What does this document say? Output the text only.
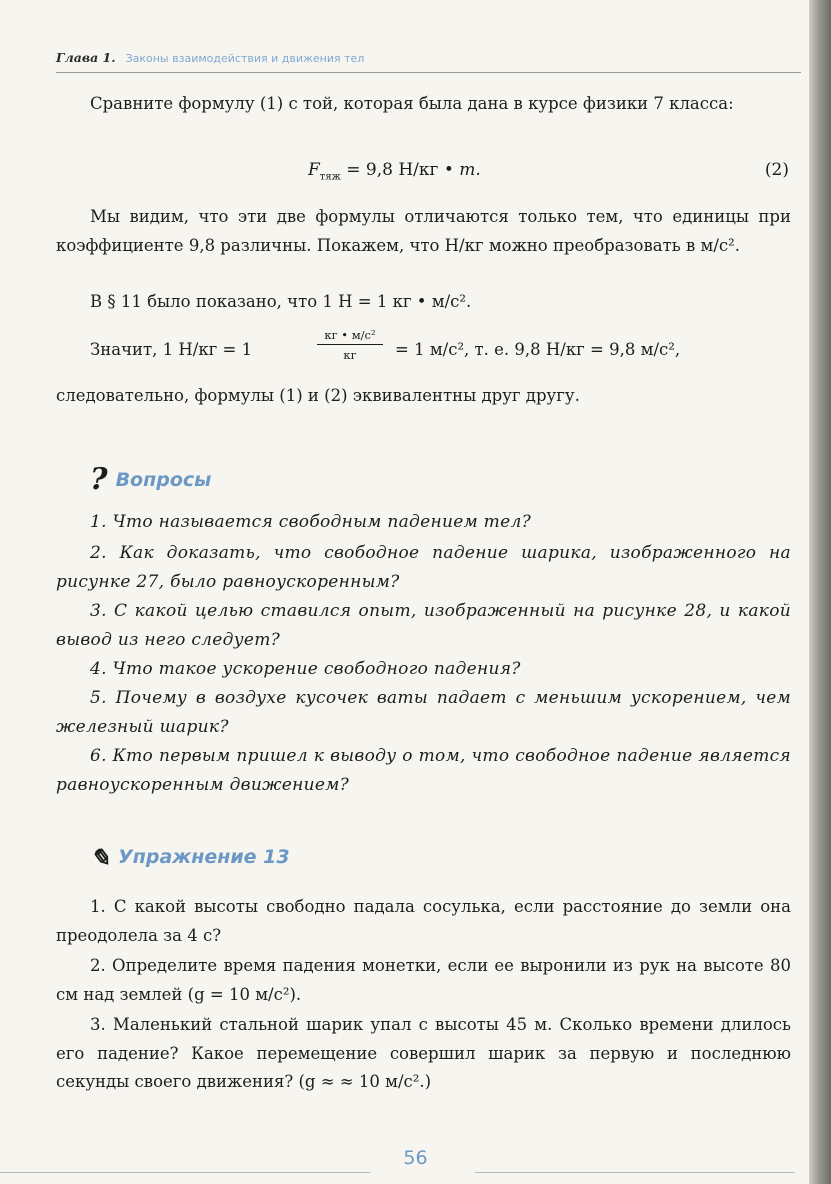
Глава 1. Законы взаимодействия и движения тел
Сравните формулу (1) с той, которая была дана в курсе физики 7 класса:
$F_{тяж} = 9,8$ Н/кг • m.	(2)
Мы видим, что эти две формулы отличаются только тем, что единицы при коэффициенте 9,8 различны. Покажем, что Н/кг можно преобразовать в м/с².
В § 11 было показано, что 1 Н = 1 кг • м/с².
Значит, 1 Н/кг = 1
кг • м/с²
кг	= 1 м/с², т. е. 9,8 Н/кг = 9,8 м/с²,
следовательно, формулы (1) и (2) эквивалентны друг другу.
? Вопросы
1. Что называется свободным падением тел?
2. Как доказать, что свободное падение шарика, изображенного на рисунке 27, было равноускоренным?
3. С какой целью ставился опыт, изображенный на рисунке 28, и какой вывод из него следует?
4. Что такое ускорение свободного падения?
5. Почему в воздухе кусочек ваты падает с меньшим ускорением, чем железный шарик?
6. Кто первым пришел к выводу о том, что свободное падение является равноускоренным движением?
✎ Упражнение 13
1. С какой высоты свободно падала сосулька, если расстояние до земли она преодолела за 4 с?
2. Определите время падения монетки, если ее выронили из рук на высоте 80 см над землей (g = 10 м/с²).
3. Маленький стальной шарик упал с высоты 45 м. Сколько времени длилось его падение? Какое перемещение совершил шарик за первую и последнюю секунды своего движения? (g ≈ ≈ 10 м/с².)
56
